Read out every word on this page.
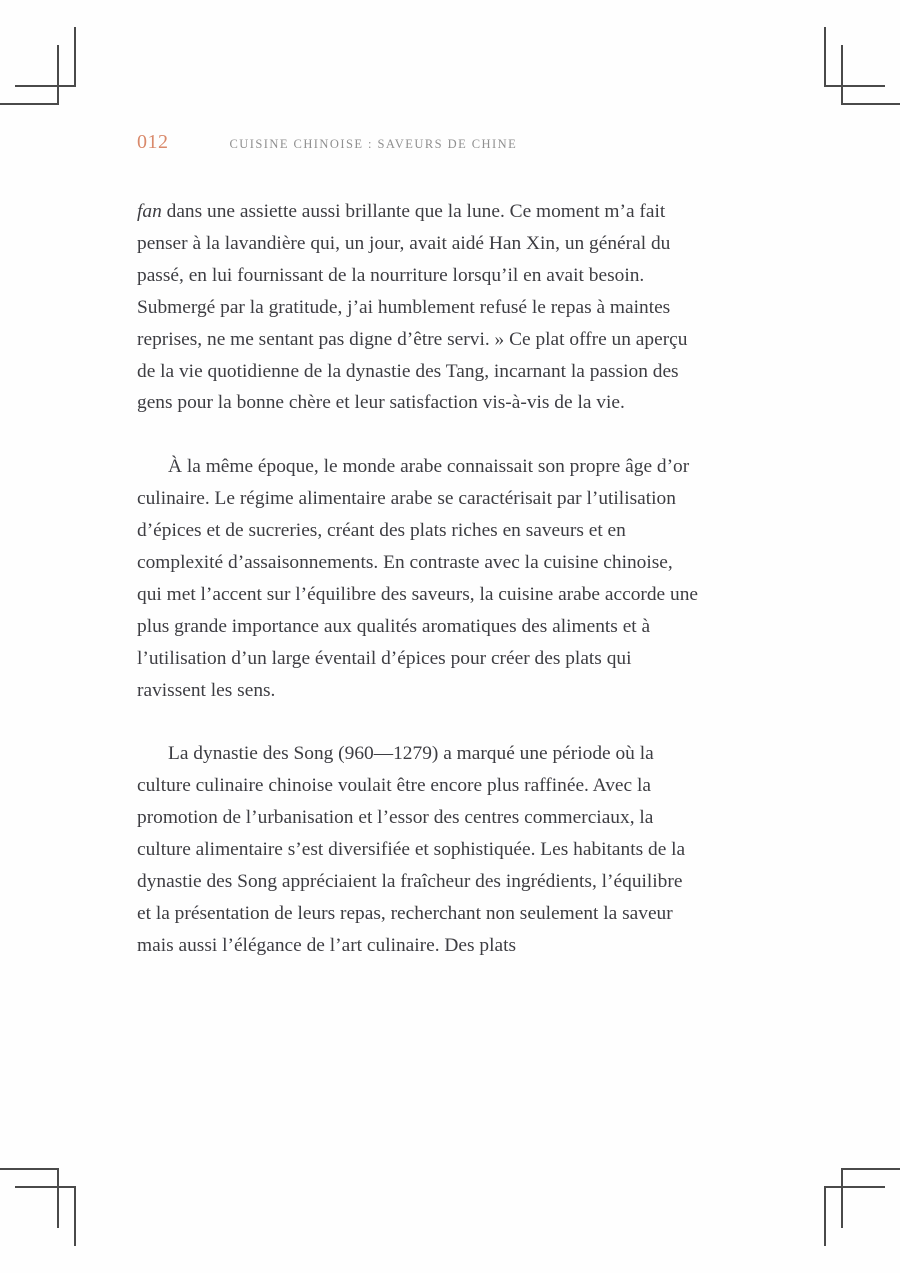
012	CUISINE CHINOISE : SAVEURS DE CHINE

fan dans une assiette aussi brillante que la lune. Ce moment m’a fait penser à la lavandière qui, un jour, avait aidé Han Xin, un général du passé, en lui fournissant de la nourriture lorsqu’il en avait besoin. Submergé par la gratitude, j’ai humblement refusé le repas à maintes reprises, ne me sentant pas digne d’être servi. » Ce plat offre un aperçu de la vie quotidienne de la dynastie des Tang, incarnant la passion des gens pour la bonne chère et leur satisfaction vis-à-vis de la vie.

À la même époque, le monde arabe connaissait son propre âge d’or culinaire. Le régime alimentaire arabe se caractérisait par l’utilisation d’épices et de sucreries, créant des plats riches en saveurs et en complexité d’assaisonnements. En contraste avec la cuisine chinoise, qui met l’accent sur l’équilibre des saveurs, la cuisine arabe accorde une plus grande importance aux qualités aromatiques des aliments et à l’utilisation d’un large éventail d’épices pour créer des plats qui ravissent les sens.

La dynastie des Song (960—1279) a marqué une période où la culture culinaire chinoise voulait être encore plus raffinée. Avec la promotion de l’urbanisation et l’essor des centres commerciaux, la culture alimentaire s’est diversifiée et sophistiquée. Les habitants de la dynastie des Song appréciaient la fraîcheur des ingrédients, l’équilibre et la présentation de leurs repas, recherchant non seulement la saveur mais aussi l’élégance de l’art culinaire. Des plats
